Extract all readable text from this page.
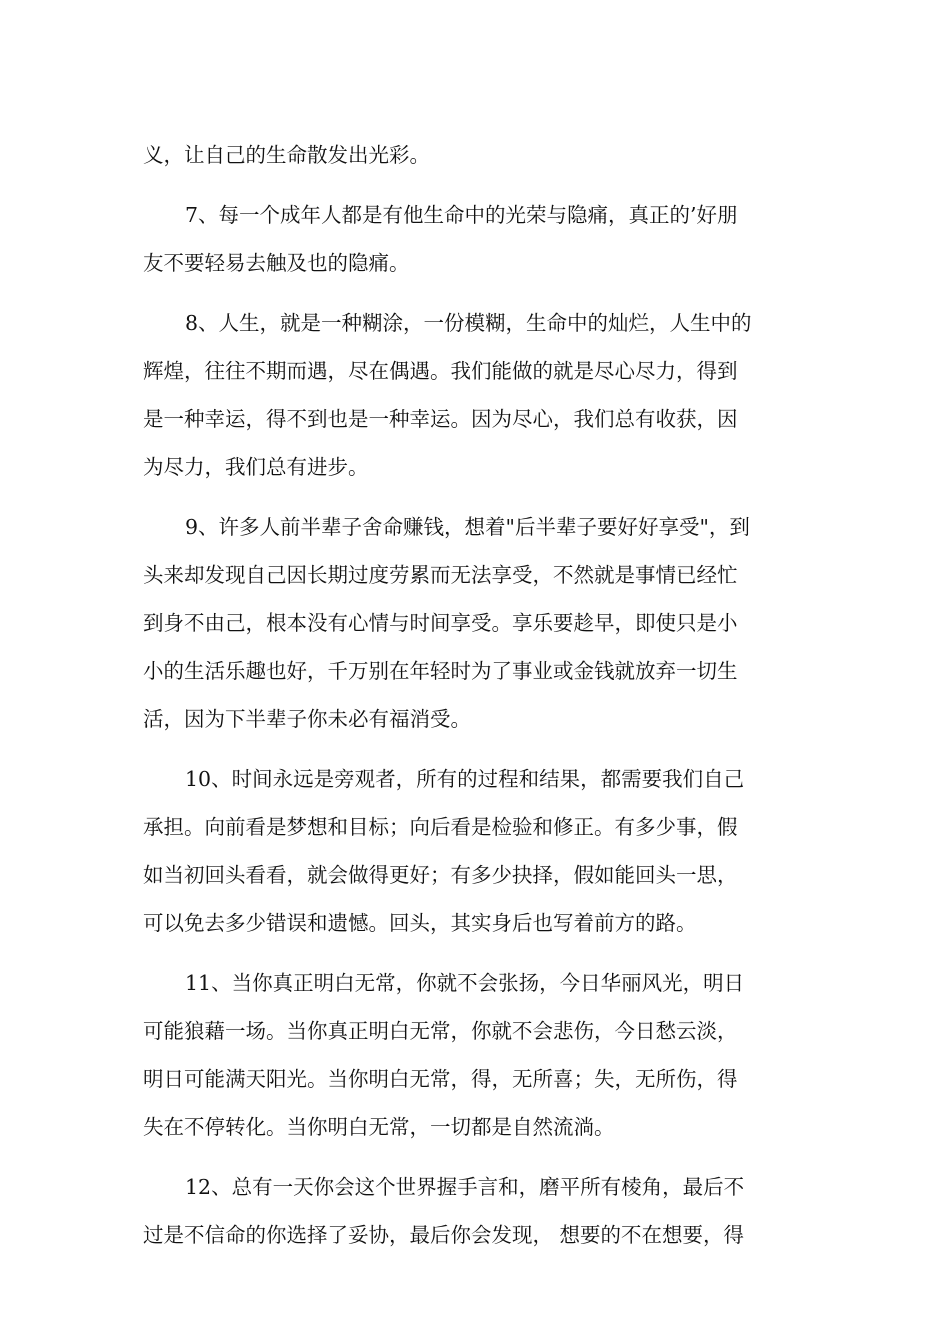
义，让自己的生命散发出光彩。
7、每一个成年人都是有他生命中的光荣与隐痛，真正的’好朋
友不要轻易去触及也的隐痛。
8、人生，就是一种糊涂，一份模糊，生命中的灿烂，人生中的
辉煌，往往不期而遇，尽在偶遇。我们能做的就是尽心尽力，得到
是一种幸运，得不到也是一种幸运。因为尽心，我们总有收获，因
为尽力，我们总有进步。
9、许多人前半辈子舍命赚钱，想着"后半辈子要好好享受"，到
头来却发现自己因长期过度劳累而无法享受，不然就是事情已经忙
到身不由己，根本没有心情与时间享受。享乐要趁早，即使只是小
小的生活乐趣也好，千万别在年轻时为了事业或金钱就放弃一切生
活，因为下半辈子你未必有福消受。
10、时间永远是旁观者，所有的过程和结果，都需要我们自己
承担。向前看是梦想和目标；向后看是检验和修正。有多少事，假
如当初回头看看，就会做得更好；有多少抉择，假如能回头一思，
可以免去多少错误和遗憾。回头，其实身后也写着前方的路。
11、当你真正明白无常，你就不会张扬，今日华丽风光，明日
可能狼藉一场。当你真正明白无常，你就不会悲伤，今日愁云淡，
明日可能满天阳光。当你明白无常，得，无所喜；失，无所伤，得
失在不停转化。当你明白无常，一切都是自然流淌。
12、总有一天你会这个世界握手言和，磨平所有棱角，最后不
过是不信命的你选择了妥协，最后你会发现， 想要的不在想要，得
